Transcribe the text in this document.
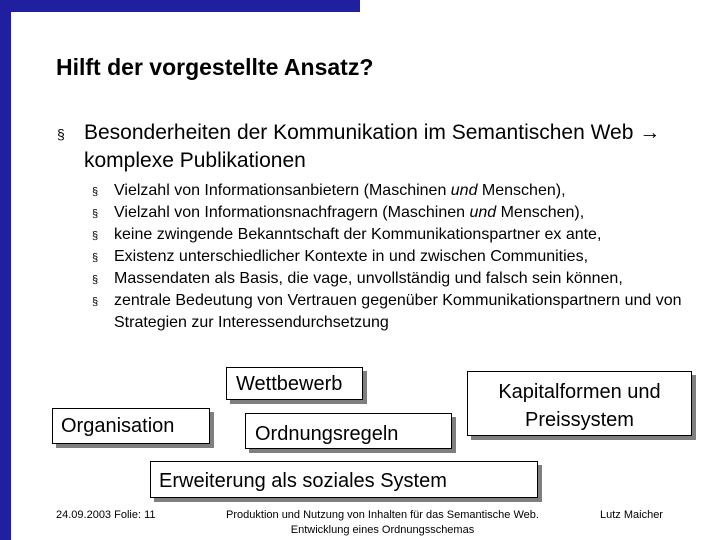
Hilft der vorgestellte Ansatz?
§ Besonderheiten der Kommunikation im Semantischen Web → komplexe Publikationen
§ Vielzahl von Informationsanbietern (Maschinen und Menschen),
§ Vielzahl von Informationsnachfragern (Maschinen und Menschen),
§ keine zwingende Bekanntschaft der Kommunikationspartner ex ante,
§ Existenz unterschiedlicher Kontexte in und zwischen Communities,
§ Massendaten als Basis, die vage, unvollständig und falsch sein können,
§ zentrale Bedeutung von Vertrauen gegenüber Kommunikationspartnern und von Strategien zur Interessendurchsetzung
Wettbewerb
Organisation	Ordnungsregeln
Kapitalformen und
Preissystem
Erweiterung als soziales System
24.09.2003 Folie: 11	Produktion und Nutzung von Inhalten für das Semantische Web.
Entwicklung eines Ordnungsschemas
Lutz Maicher
